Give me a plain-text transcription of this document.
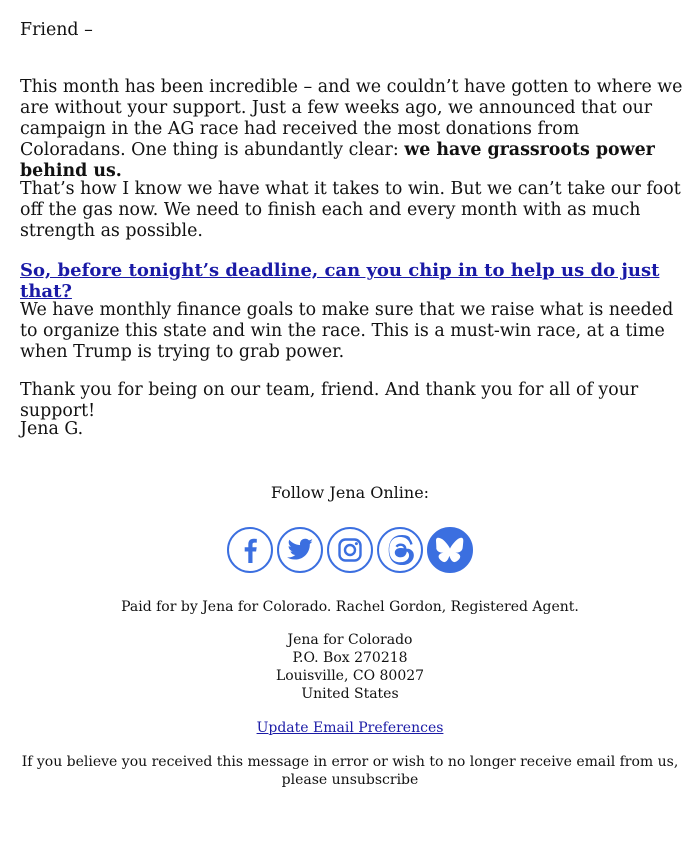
Friend –

This month has been incredible – and we couldn’t have gotten to where we are without your support. Just a few weeks ago, we announced that our campaign in the AG race had received the most donations from Coloradans. One thing is abundantly clear: we have grassroots power behind us.

That’s how I know we have what it takes to win. But we can’t take our foot off the gas now. We need to finish each and every month with as much strength as possible.

So, before tonight’s deadline, can you chip in to help us do just that?

We have monthly finance goals to make sure that we raise what is needed to organize this state and win the race. This is a must-win race, at a time when Trump is trying to grab power.

Thank you for being on our team, friend. And thank you for all of your support!

Jena G.

Follow Jena Online:
Paid for by Jena for Colorado. Rachel Gordon, Registered Agent.
Jena for Colorado
P.O. Box 270218
Louisville, CO 80027
United States
Update Email Preferences
If you believe you received this message in error or wish to no longer receive email from us, please unsubscribe
